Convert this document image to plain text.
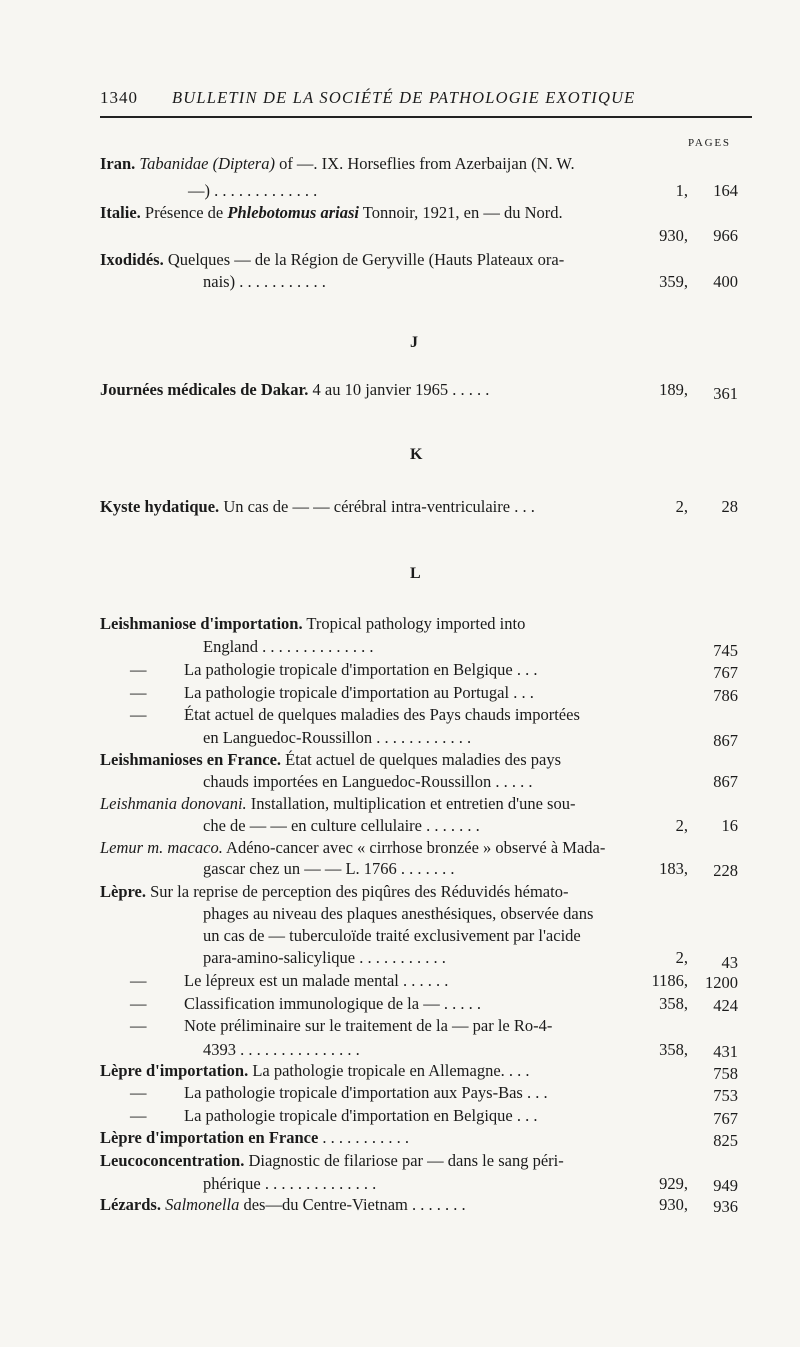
1340 BULLETIN DE LA SOCIÉTÉ DE PATHOLOGIE EXOTIQUE
PAGES
Iran. Tabanidae (Diptera) of —. IX. Horseflies from Azerbaijan (N. W.
—) . . . . . . . . . . . . .	1, 164
Italie. Présence de Phlebotomus ariasi Tonnoir, 1921, en — du Nord.
930, 966
Ixodidés. Quelques — de la Région de Geryville (Hauts Plateaux ora-
nais) . . . . . . . . . . .	359, 400
J
Journées médicales de Dakar. 4 au 10 janvier 1965 . . . . .	189, 361
K
Kyste hydatique. Un cas de — — cérébral intra-ventriculaire . . .	2, 28
L
Leishmaniose d'importation. Tropical pathology imported into
England . . . . . . . . . . . . . .	745
— La pathologie tropicale d'importation en Belgique . . .	767
— La pathologie tropicale d'importation au Portugal . . .	786
— État actuel de quelques maladies des Pays chauds importées
en Languedoc-Roussillon . . . . . . . . . . . .	867
Leishmanioses en France. État actuel de quelques maladies des pays
chauds importées en Languedoc-Roussillon . . . . .	867
Leishmania donovani. Installation, multiplication et entretien d'une sou-
che de — — en culture cellulaire . . . . . . .	2, 16
Lemur m. macaco. Adéno-cancer avec « cirrhose bronzée » observé à Mada-
gascar chez un — — L. 1766 . . . . . . .	183, 228
Lèpre. Sur la reprise de perception des piqûres des Réduvidés hémato-
phages au niveau des plaques anesthésiques, observée dans
un cas de — tuberculoïde traité exclusivement par l'acide
para-amino-salicylique . . . . . . . . . . .	2, 43
— Le lépreux est un malade mental . . . . . .	1186, 1200
— Classification immunologique de la — . . . . .	358, 424
— Note préliminaire sur le traitement de la — par le Ro-4-
4393 . . . . . . . . . . . . . . .	358, 431
Lèpre d'importation. La pathologie tropicale en Allemagne. . . .	758
— La pathologie tropicale d'importation aux Pays-Bas . . .	753
— La pathologie tropicale d'importation en Belgique . . .	767
Lèpre d'importation en France . . . . . . . . . . .	825
Leucoconcentration. Diagnostic de filariose par — dans le sang péri-
phérique . . . . . . . . . . . . . .	929, 949
Lézards. Salmonella des—du Centre-Vietnam . . . . . . .	930, 936
